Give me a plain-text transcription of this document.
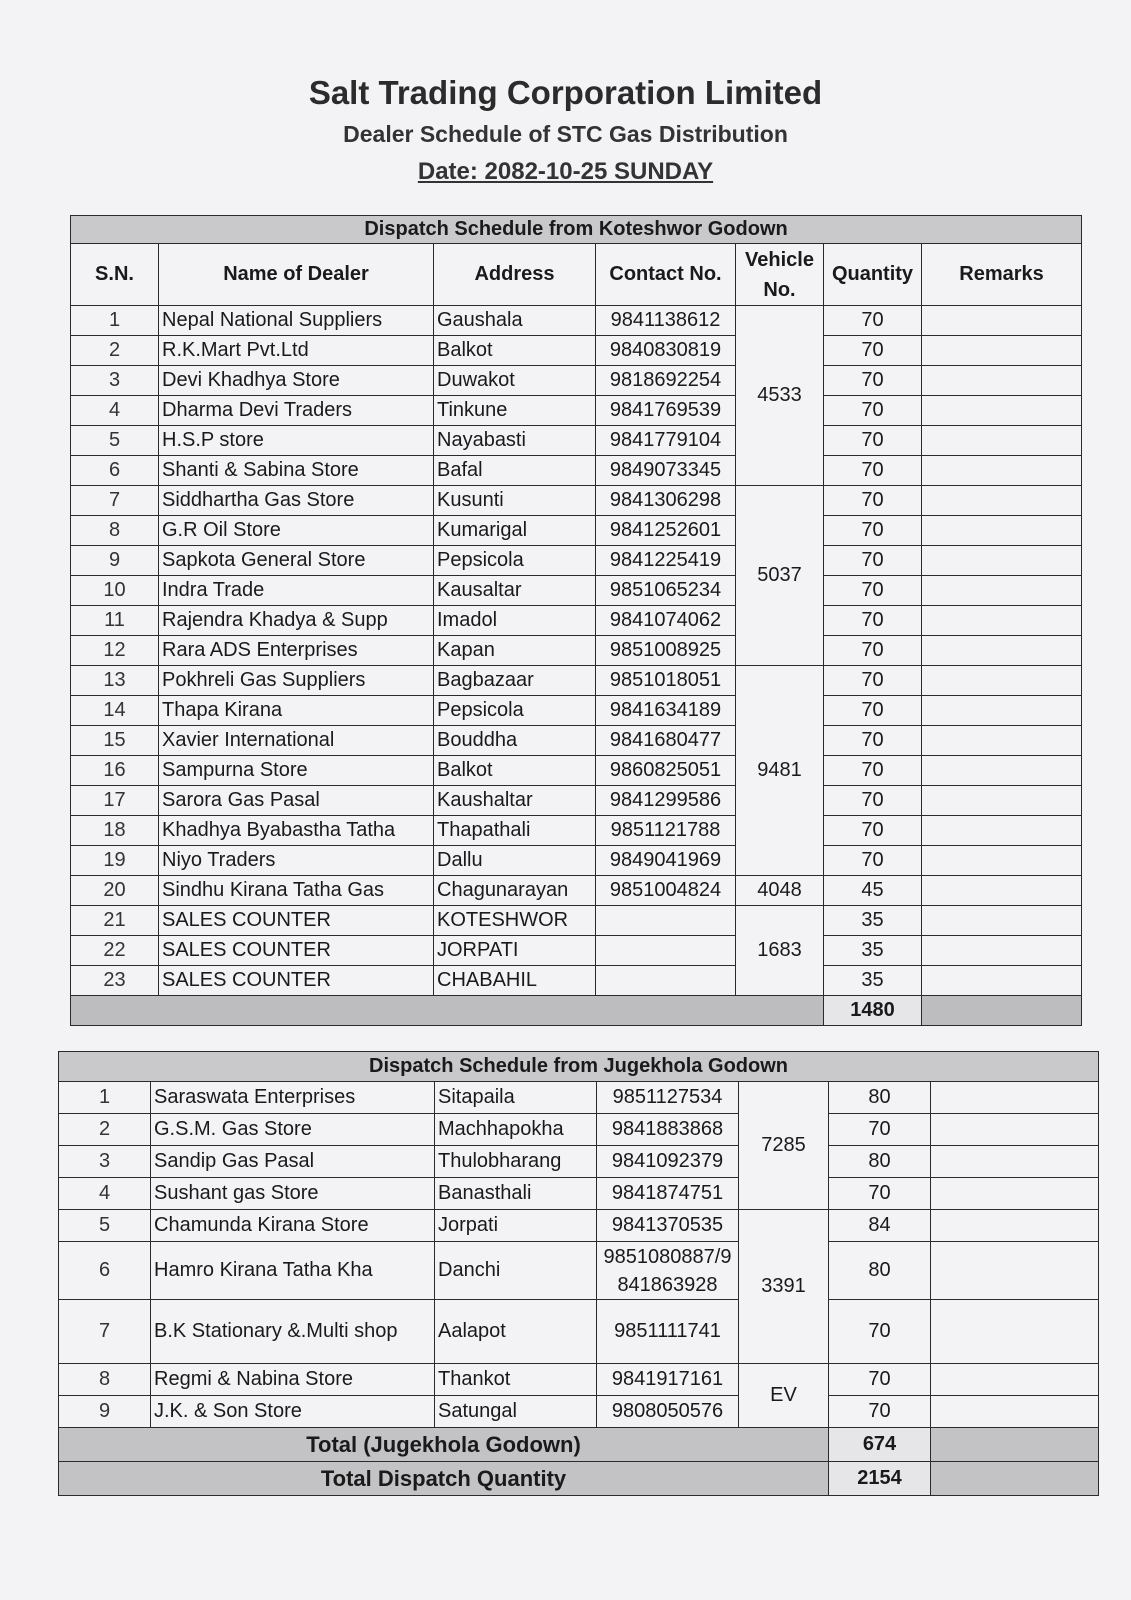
Salt Trading Corporation Limited
Dealer Schedule of STC Gas Distribution
Date: 2082-10-25 SUNDAY
Dispatch Schedule from Koteshwor Godown						
S.N.	Name of Dealer	Address	Contact No.	Vehicle No.	Quantity	Remarks
1	Nepal National Suppliers	Gaushala	9841138612	4533	70	
2	R.K.Mart Pvt.Ltd	Balkot	9840830819		70	
3	Devi Khadhya Store	Duwakot	9818692254		70	
4	Dharma Devi Traders	Tinkune	9841769539		70	
5	H.S.P store	Nayabasti	9841779104		70	
6	Shanti & Sabina Store	Bafal	9849073345		70	
7	Siddhartha Gas Store	Kusunti	9841306298	5037	70	
8	G.R Oil Store	Kumarigal	9841252601		70	
9	Sapkota General Store	Pepsicola	9841225419		70	
10	Indra Trade	Kausaltar	9851065234		70	
11	Rajendra Khadya & Supp	Imadol	9841074062		70	
12	Rara ADS Enterprises	Kapan	9851008925		70	
13	Pokhreli Gas Suppliers	Bagbazaar	9851018051	9481	70	
14	Thapa Kirana	Pepsicola	9841634189		70	
15	Xavier International	Bouddha	9841680477		70	
16	Sampurna Store	Balkot	9860825051		70	
17	Sarora Gas Pasal	Kaushaltar	9841299586		70	
18	Khadhya Byabastha Tatha	Thapathali	9851121788		70	
19	Niyo Traders	Dallu	9849041969		70	
20	Sindhu Kirana Tatha Gas	Chagunarayan	9851004824	4048	45	
21	SALES COUNTER	KOTESHWOR		1683	35	
22	SALES COUNTER	JORPATI			35	
23	SALES COUNTER	CHABAHIL			35	
					1480	
Dispatch Schedule from Jugekhola Godown						
1	Saraswata Enterprises	Sitapaila	9851127534	7285	80	
2	G.S.M. Gas Store	Machhapokha	9841883868		70	
3	Sandip Gas Pasal	Thulobharang	9841092379		80	
4	Sushant gas Store	Banasthali	9841874751		70	
5	Chamunda Kirana Store	Jorpati	9841370535	3391	84	
6	Hamro Kirana Tatha Kha	Danchi	9851080887/9 841863928		80	
7	B.K Stationary &.Multi shop	Aalapot	9851111741		70	
8	Regmi & Nabina Store	Thankot	9841917161	EV	70	
9	J.K. & Son Store	Satungal	9808050576		70	
Total (Jugekhola Godown)					674	
Total Dispatch Quantity					2154	
